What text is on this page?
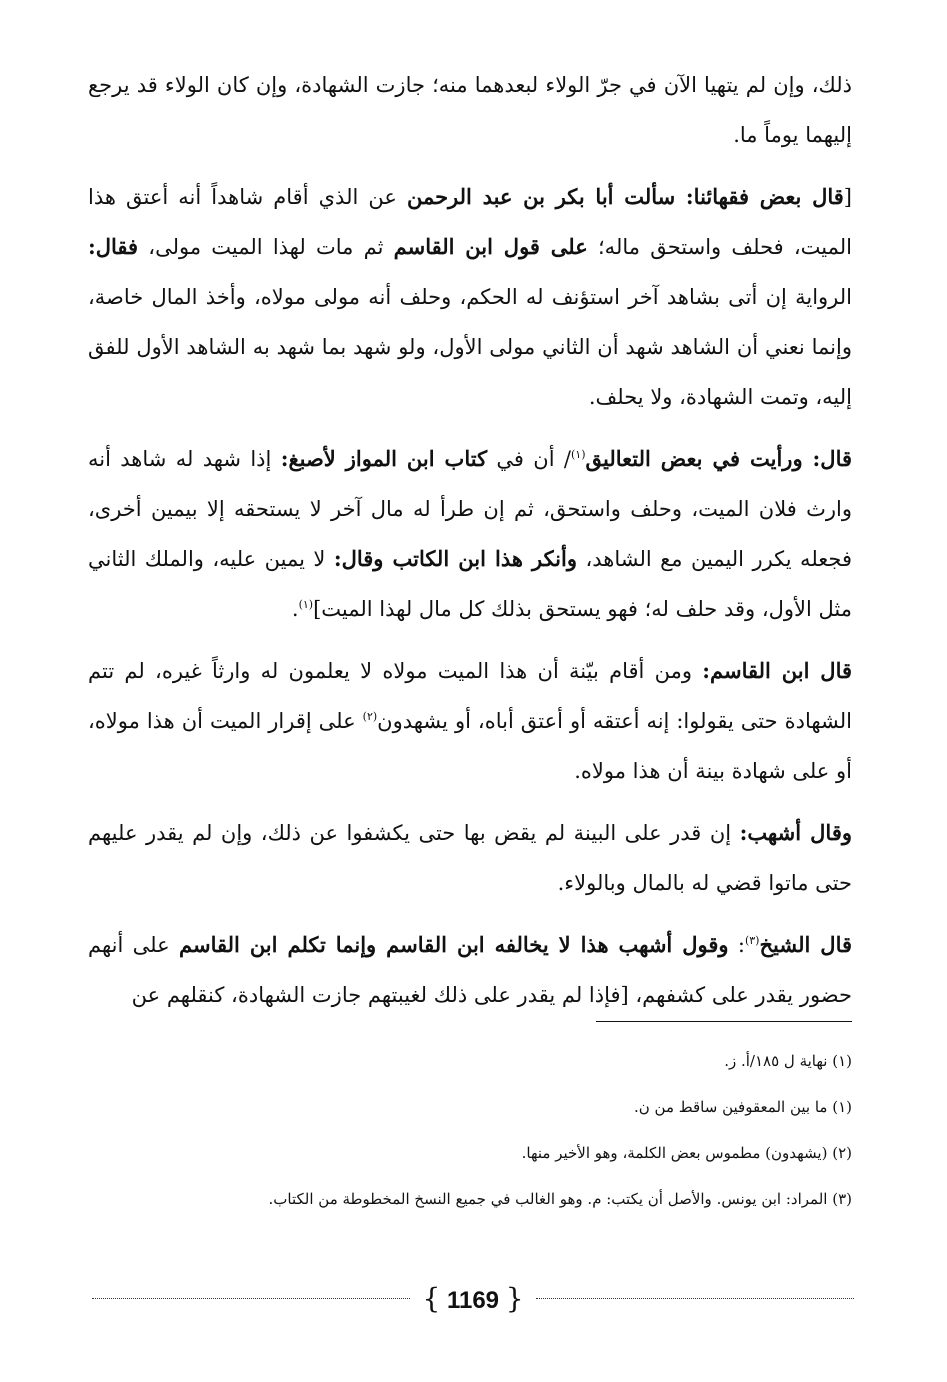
ذلك، وإن لم يتهيا الآن في جرّ الولاء لبعدهما منه؛ جازت الشهادة، وإن كان الولاء قد يرجع إليهما يوماً ما.

[قال بعض فقهائنا: سألت أبا بكر بن عبد الرحمن عن الذي أقام شاهداً أنه أعتق هذا الميت، فحلف واستحق ماله؛ على قول ابن القاسم ثم مات لهذا الميت مولى، فقال: الرواية إن أتى بشاهد آخر استؤنف له الحكم، وحلف أنه مولى مولاه، وأخذ المال خاصة، وإنما نعني أن الشاهد شهد أن الثاني مولى الأول، ولو شهد بما شهد به الشاهد الأول للفق إليه، وتمت الشهادة، ولا يحلف.

قال: ورأيت في بعض التعاليق$^{(١)}$/ أن في كتاب ابن المواز لأصبغ: إذا شهد له شاهد أنه وارث فلان الميت، وحلف واستحق، ثم إن طرأ له مال آخر لا يستحقه إلا بيمين أخرى، فجعله يكرر اليمين مع الشاهد، وأنكر هذا ابن الكاتب وقال: لا يمين عليه، والملك الثاني مثل الأول، وقد حلف له؛ فهو يستحق بذلك كل مال لهذا الميت]$^{(١)}$.

قال ابن القاسم: ومن أقام بيّنة أن هذا الميت مولاه لا يعلمون له وارثاً غيره، لم تتم الشهادة حتى يقولوا: إنه أعتقه أو أعتق أباه، أو يشهدون$^{(٢)}$ على إقرار الميت أن هذا مولاه، أو على شهادة بينة أن هذا مولاه.

وقال أشهب: إن قدر على البينة لم يقض بها حتى يكشفوا عن ذلك، وإن لم يقدر عليهم حتى ماتوا قضي له بالمال وبالولاء.

قال الشيخ$^{(٣)}$: وقول أشهب هذا لا يخالفه ابن القاسم وإنما تكلم ابن القاسم على أنهم حضور يقدر على كشفهم، [فإذا لم يقدر على ذلك لغيبتهم جازت الشهادة، كنقلهم عن

(١) نهاية ل ١٨٥/أ. ز.

(١) ما بين المعقوفين ساقط من ن.

(٢) (يشهدون) مطموس بعض الكلمة، وهو الأخير منها.

(٣) المراد: ابن يونس. والأصل أن يكتب: م. وهو الغالب في جميع النسخ المخطوطة من الكتاب.

{ 1169 }
